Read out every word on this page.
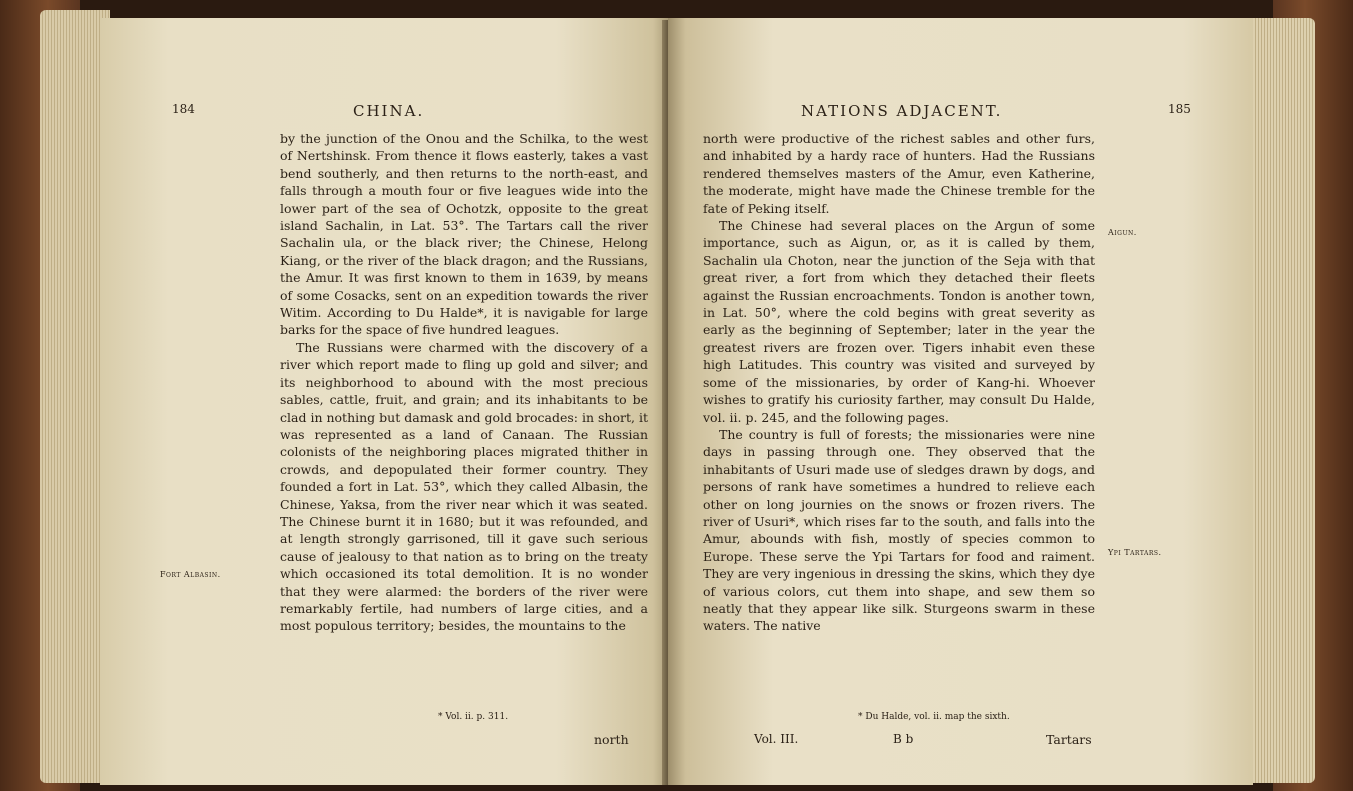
184	CHINA.
Fort Albasin.

by the junction of the Onou and the Schilka, to the west of Nertshinsk. From thence it flows easterly, takes a vast bend southerly, and then returns to the north-east, and falls through a mouth four or five leagues wide into the lower part of the sea of Ochotzk, opposite to the great island Sachalin, in Lat. 53°. The Tartars call the river Sachalin ula, or the black river; the Chinese, Helong Kiang, or the river of the black dragon; and the Russians, the Amur. It was first known to them in 1639, by means of some Cosacks, sent on an expedition towards the river Witim. According to Du Halde*, it is navigable for large barks for the space of five hundred leagues.

The Russians were charmed with the discovery of a river which report made to fling up gold and silver; and its neighborhood to abound with the most precious sables, cattle, fruit, and grain; and its inhabitants to be clad in nothing but damask and gold brocades: in short, it was represented as a land of Canaan. The Russian colonists of the neighboring places migrated thither in crowds, and depopulated their former country. They founded a fort in Lat. 53°, which they called Albasin, the Chinese, Yaksa, from the river near which it was seated. The Chinese burnt it in 1680; but it was refounded, and at length strongly garrisoned, till it gave such serious cause of jealousy to that nation as to bring on the treaty which occasioned its total demolition. It is no wonder that they were alarmed: the borders of the river were remarkably fertile, had numbers of large cities, and a most populous territory; besides, the mountains to the

* Vol. ii. p. 311.
north
NATIONS ADJACENT.	185

north were productive of the richest sables and other furs, and inhabited by a hardy race of hunters. Had the Russians rendered themselves masters of the Amur, even Katherine, the moderate, might have made the Chinese tremble for the fate of Peking itself.

The Chinese had several places on the Argun of some importance, such as Aigun, or, as it is called by them, Sachalin ula Choton, near the junction of the Seja with that great river, a fort from which they detached their fleets against the Russian encroachments. Tondon is another town, in Lat. 50°, where the cold begins with great severity as early as the beginning of September; later in the year the greatest rivers are frozen over. Tigers inhabit even these high Latitudes. This country was visited and surveyed by some of the missionaries, by order of Kang-hi. Whoever wishes to gratify his curiosity farther, may consult Du Halde, vol. ii. p. 245, and the following pages.

The country is full of forests; the missionaries were nine days in passing through one. They observed that the inhabitants of Usuri made use of sledges drawn by dogs, and persons of rank have sometimes a hundred to relieve each other on long journies on the snows or frozen rivers. The river of Usuri*, which rises far to the south, and falls into the Amur, abounds with fish, mostly of species common to Europe. These serve the Ypi Tartars for food and raiment. They are very ingenious in dressing the skins, which they dye of various colors, cut them into shape, and sew them so neatly that they appear like silk. Sturgeons swarm in these waters. The native

Aigun.
Ypi Tartars.
* Du Halde, vol. ii. map the sixth.
Vol. III.	B b	Tartars
